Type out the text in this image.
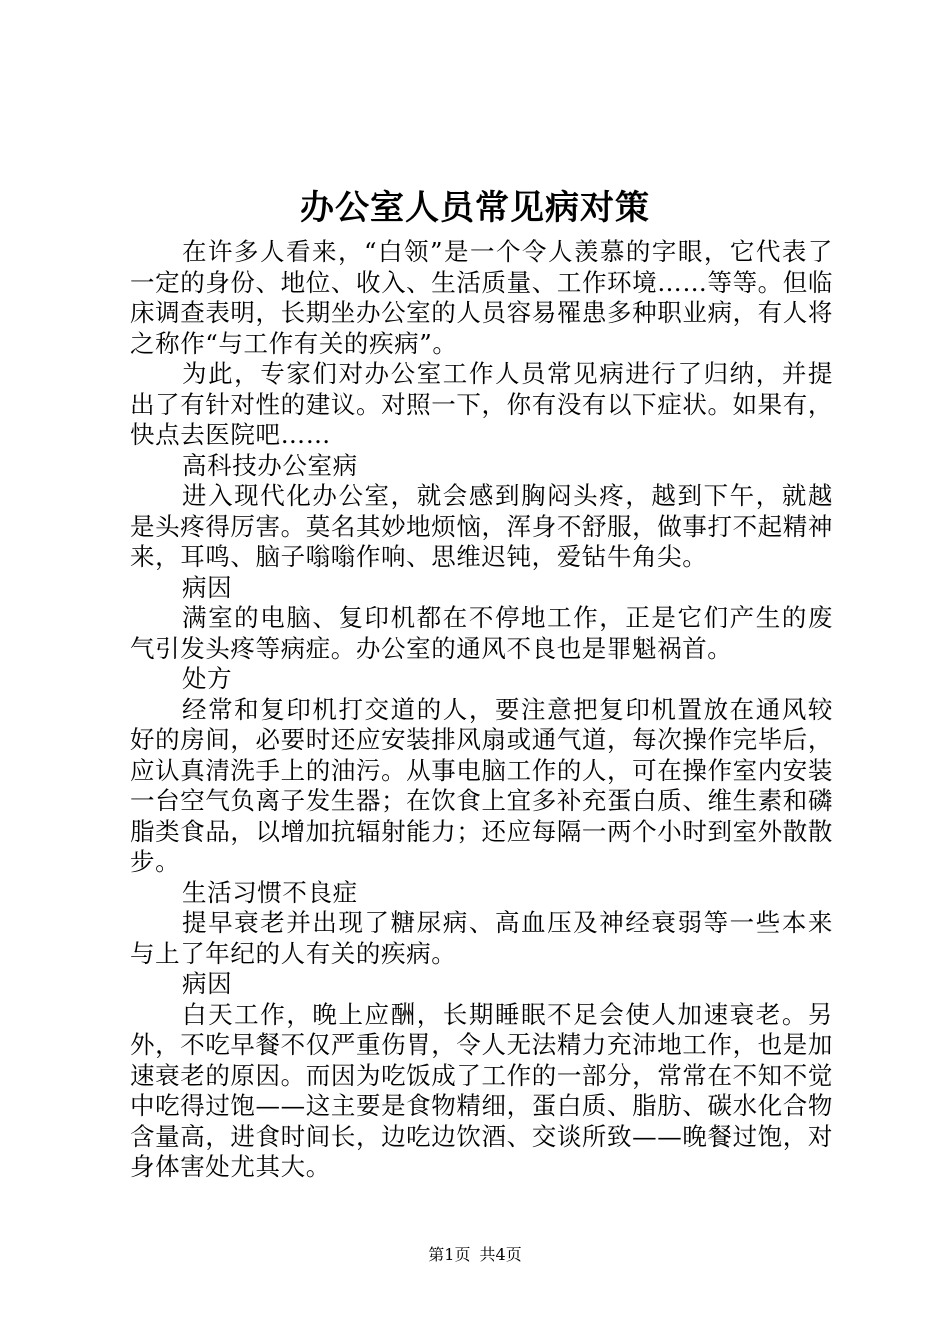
办公室人员常见病对策

在许多人看来，“白领”是一个令人羡慕的字眼，它代表了一定的身份、地位、收入、生活质量、工作环境……等等。但临床调查表明，长期坐办公室的人员容易罹患多种职业病，有人将之称作“与工作有关的疾病”。

为此，专家们对办公室工作人员常见病进行了归纳，并提出了有针对性的建议。对照一下，你有没有以下症状。如果有，快点去医院吧……

高科技办公室病

进入现代化办公室，就会感到胸闷头疼，越到下午，就越是头疼得厉害。莫名其妙地烦恼，浑身不舒服，做事打不起精神来，耳鸣、脑子嗡嗡作响、思维迟钝，爱钻牛角尖。

病因

满室的电脑、复印机都在不停地工作，正是它们产生的废气引发头疼等病症。办公室的通风不良也是罪魁祸首。

处方

经常和复印机打交道的人，要注意把复印机置放在通风较好的房间，必要时还应安装排风扇或通气道，每次操作完毕后，应认真清洗手上的油污。从事电脑工作的人，可在操作室内安装一台空气负离子发生器；在饮食上宜多补充蛋白质、维生素和磷脂类食品，以增加抗辐射能力；还应每隔一两个小时到室外散散步。

生活习惯不良症

提早衰老并出现了糖尿病、高血压及神经衰弱等一些本来与上了年纪的人有关的疾病。

病因

白天工作，晚上应酬，长期睡眠不足会使人加速衰老。另外，不吃早餐不仅严重伤胃，令人无法精力充沛地工作，也是加速衰老的原因。而因为吃饭成了工作的一部分，常常在不知不觉中吃得过饱——这主要是食物精细，蛋白质、脂肪、碳水化合物含量高，进食时间长，边吃边饮酒、交谈所致——晚餐过饱，对身体害处尤其大。

第1页 共4页
